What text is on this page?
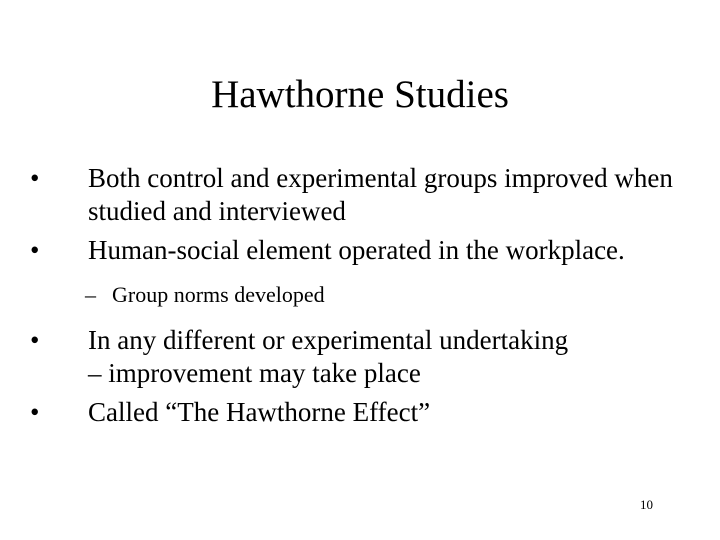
Hawthorne Studies
•	Both control and experimental groups improved when studied and interviewed
•	Human-social element operated in the workplace.
– Group norms developed
•	In any different or experimental undertaking
– improvement may take place
•	Called “The Hawthorne Effect”
10
